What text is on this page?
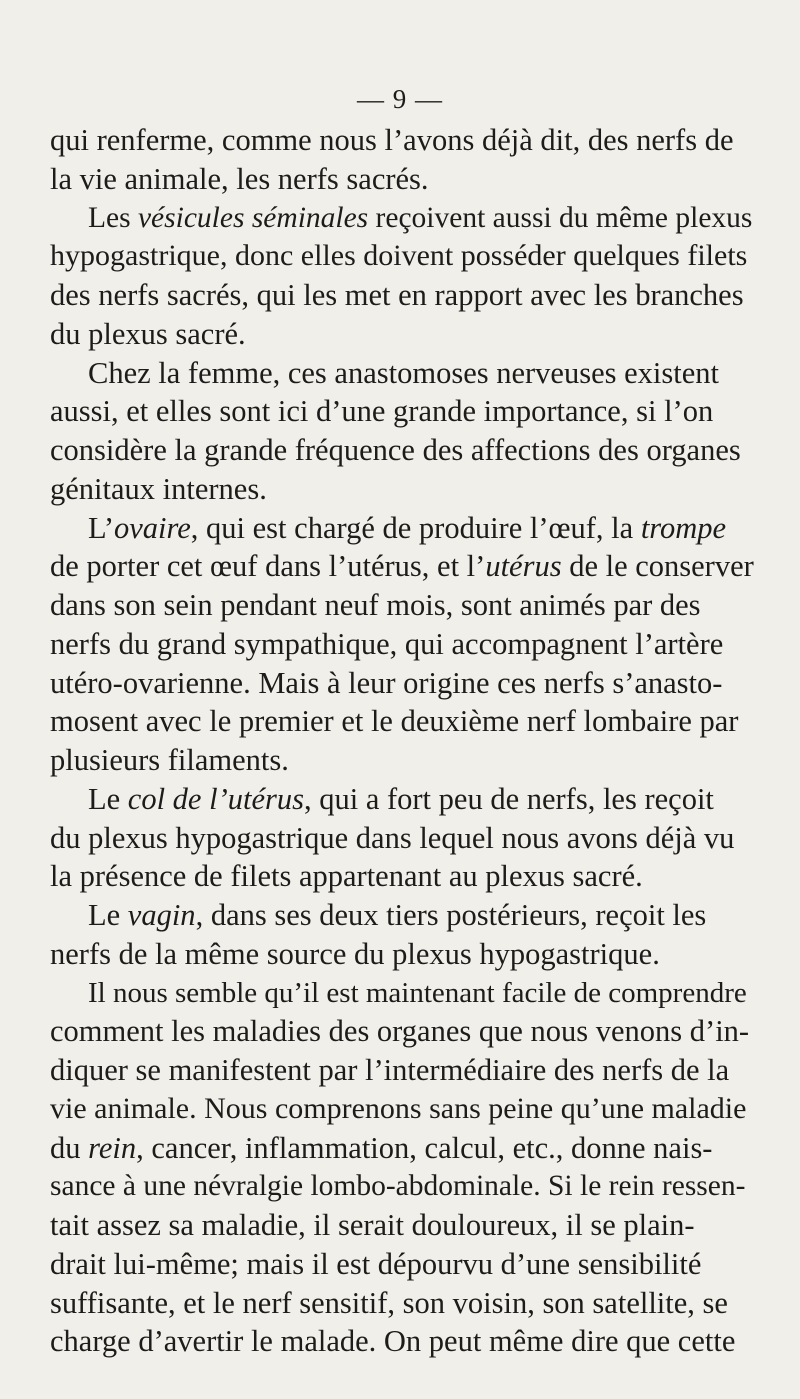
— 9 —
qui renferme, comme nous l’avons déjà dit, des nerfs de
la vie animale, les nerfs sacrés.
Les vésicules séminales reçoivent aussi du même plexus
hypogastrique, donc elles doivent posséder quelques filets
des nerfs sacrés, qui les met en rapport avec les branches
du plexus sacré.
Chez la femme, ces anastomoses nerveuses existent
aussi, et elles sont ici d’une grande importance, si l’on
considère la grande fréquence des affections des organes
génitaux internes.
L’ovaire, qui est chargé de produire l’œuf, la trompe
de porter cet œuf dans l’utérus, et l’utérus de le conserver
dans son sein pendant neuf mois, sont animés par des
nerfs du grand sympathique, qui accompagnent l’artère
utéro-ovarienne. Mais à leur origine ces nerfs s’anasto-
mosent avec le premier et le deuxième nerf lombaire par
plusieurs filaments.
Le col de l’utérus, qui a fort peu de nerfs, les reçoit
du plexus hypogastrique dans lequel nous avons déjà vu
la présence de filets appartenant au plexus sacré.
Le vagin, dans ses deux tiers postérieurs, reçoit les
nerfs de la même source du plexus hypogastrique.
Il nous semble qu’il est maintenant facile de comprendre
comment les maladies des organes que nous venons d’in-
diquer se manifestent par l’intermédiaire des nerfs de la
vie animale. Nous comprenons sans peine qu’une maladie
du rein, cancer, inflammation, calcul, etc., donne nais-
sance à une névralgie lombo-abdominale. Si le rein ressen-
tait assez sa maladie, il serait douloureux, il se plain-
drait lui-même; mais il est dépourvu d’une sensibilité
suffisante, et le nerf sensitif, son voisin, son satellite, se
charge d’avertir le malade. On peut même dire que cette
